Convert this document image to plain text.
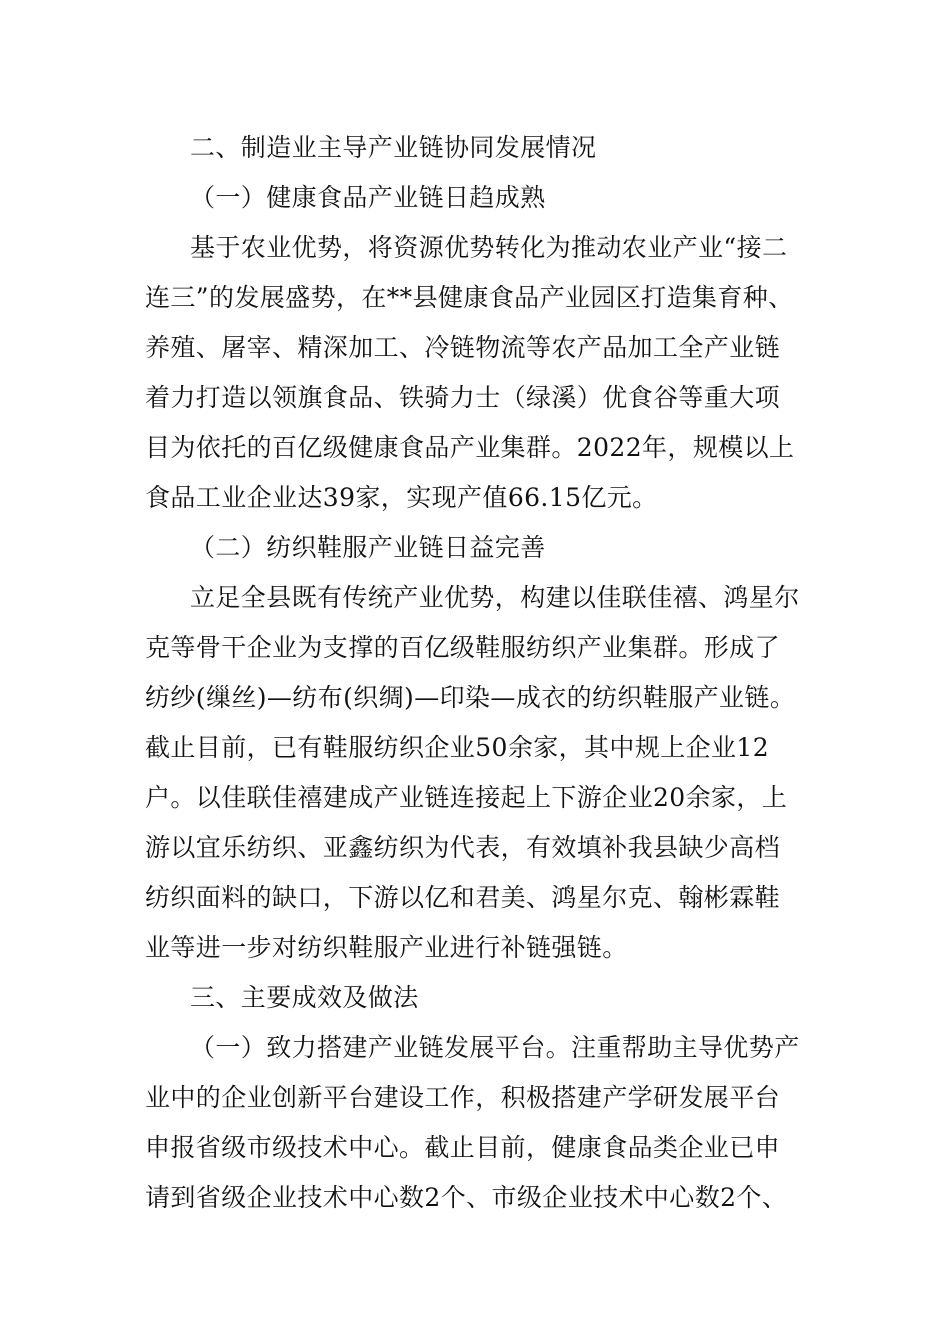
二、制造业主导产业链协同发展情况
（一）健康食品产业链日趋成熟
基于农业优势，将资源优势转化为推动农业产业“接二
连三”的发展盛势，在**县健康食品产业园区打造集育种、
养殖、屠宰、精深加工、冷链物流等农产品加工全产业链
着力打造以领旗食品、铁骑力士（绿溪）优食谷等重大项
目为依托的百亿级健康食品产业集群。2022年，规模以上
食品工业企业达39家，实现产值66.15亿元。
（二）纺织鞋服产业链日益完善
立足全县既有传统产业优势，构建以佳联佳禧、鸿星尔
克等骨干企业为支撑的百亿级鞋服纺织产业集群。形成了
纺纱(缫丝)—纺布(织绸)—印染—成衣的纺织鞋服产业链。
截止目前，已有鞋服纺织企业50余家，其中规上企业12
户。以佳联佳禧建成产业链连接起上下游企业20余家，上
游以宜乐纺织、亚鑫纺织为代表，有效填补我县缺少高档
纺织面料的缺口，下游以亿和君美、鸿星尔克、翰彬霖鞋
业等进一步对纺织鞋服产业进行补链强链。
三、主要成效及做法
（一）致力搭建产业链发展平台。注重帮助主导优势产
业中的企业创新平台建设工作，积极搭建产学研发展平台
申报省级市级技术中心。截止目前，健康食品类企业已申
请到省级企业技术中心数2个、市级企业技术中心数2个、
